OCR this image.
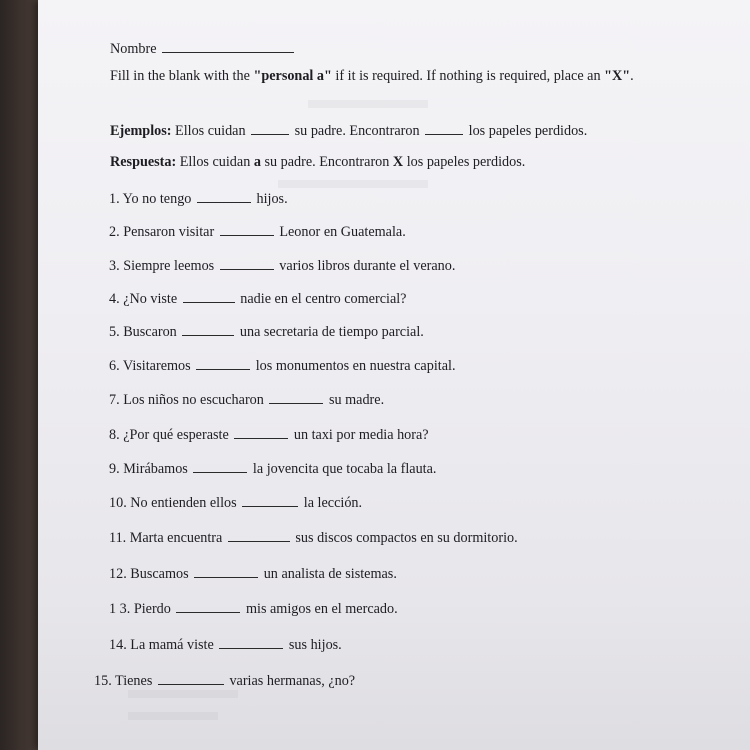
Nombre
Fill in the blank with the "personal a" if it is required. If nothing is required, place an "X".
Ejemplos: Ellos cuidan	su padre. Encontraron	los papeles perdidos.
Respuesta: Ellos cuidan a su padre. Encontraron X los papeles perdidos.
1. Yo no tengo	hijos.
2. Pensaron visitar	Leonor en Guatemala.
3. Siempre leemos	varios libros durante el verano.
4. ¿No viste	nadie en el centro comercial?
5. Buscaron	una secretaria de tiempo parcial.
6. Visitaremos	los monumentos en nuestra capital.
7. Los niños no escucharon	su madre.
8. ¿Por qué esperaste	un taxi por media hora?
9. Mirábamos	la jovencita que tocaba la flauta.
10. No entienden ellos	la lección.
11. Marta encuentra	sus discos compactos en su dormitorio.
12. Buscamos	un analista de sistemas.
1 3. Pierdo	mis amigos en el mercado.
14. La mamá viste	sus hijos.
15. Tienes	varias hermanas, ¿no?
